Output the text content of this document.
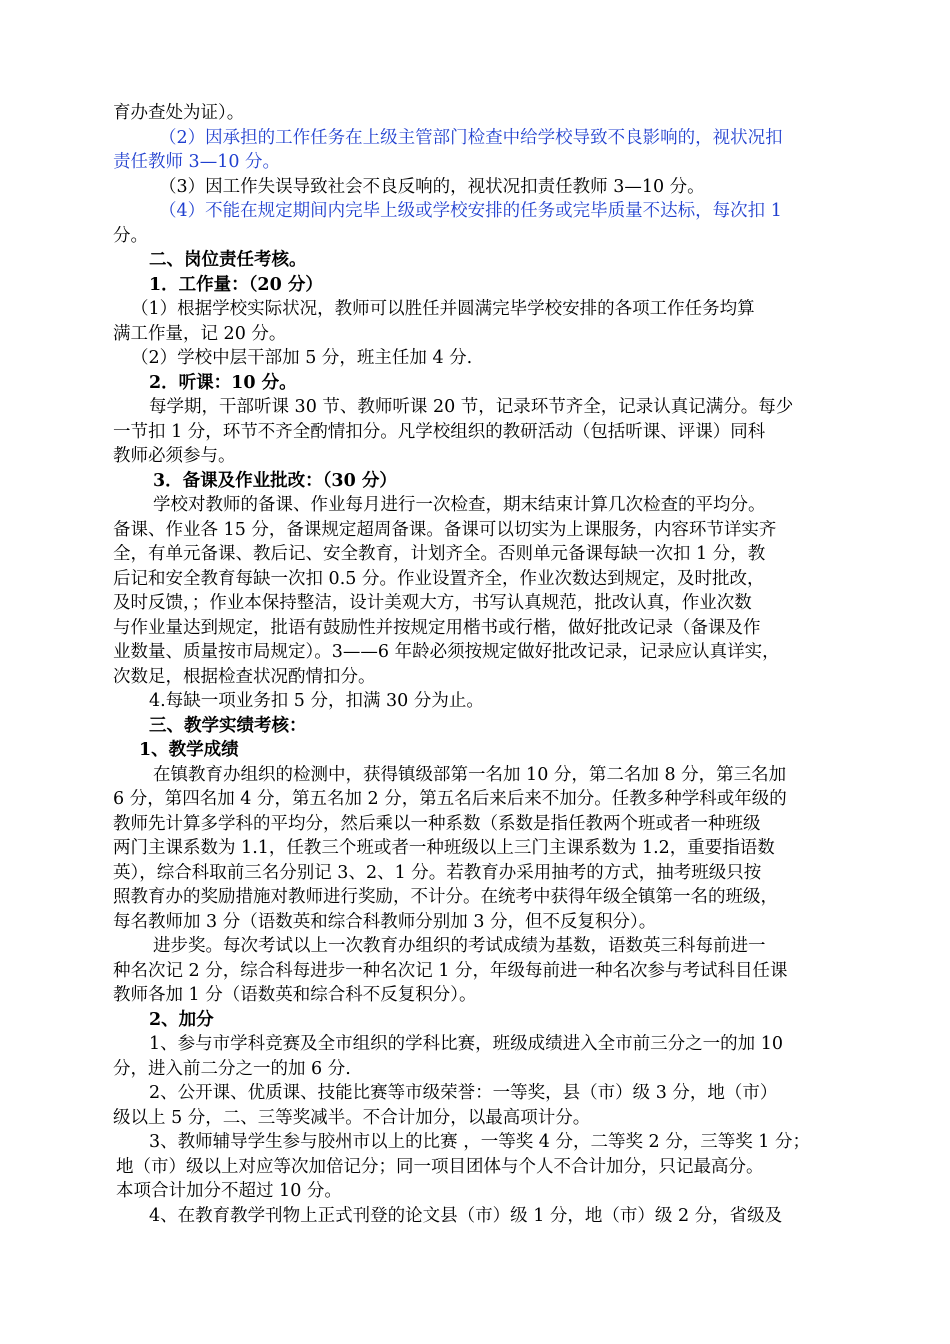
育办查处为证）。
（2）因承担的工作任务在上级主管部门检查中给学校导致不良影响的，视状况扣
责任教师 3—10 分。
（3）因工作失误导致社会不良反响的，视状况扣责任教师 3—10 分。
（4）不能在规定期间内完毕上级或学校安排的任务或完毕质量不达标，每次扣 1
分。
二、岗位责任考核。
1．工作量：（20 分）
（1）根据学校实际状况，教师可以胜任并圆满完毕学校安排的各项工作任务均算
满工作量，记 20 分。
（2）学校中层干部加 5 分，班主任加 4 分.
2．听课：10 分。
每学期，干部听课 30 节、教师听课 20 节，记录环节齐全，记录认真记满分。每少
一节扣 1 分，环节不齐全酌情扣分。凡学校组织的教研活动（包括听课、评课）同科
教师必须参与。
3．备课及作业批改：（30 分）
学校对教师的备课、作业每月进行一次检查，期末结束计算几次检查的平均分。
备课、作业各 15 分，备课规定超周备课。备课可以切实为上课服务，内容环节详实齐
全，有单元备课、教后记、安全教育，计划齐全。否则单元备课每缺一次扣 1 分，教
后记和安全教育每缺一次扣 0.5 分。作业设置齐全，作业次数达到规定，及时批改，
及时反馈，；作业本保持整洁，设计美观大方，书写认真规范，批改认真，作业次数
与作业量达到规定，批语有鼓励性并按规定用楷书或行楷，做好批改记录（备课及作
业数量、质量按市局规定）。3——6 年龄必须按规定做好批改记录，记录应认真详实，
次数足，根据检查状况酌情扣分。
4.每缺一项业务扣 5 分，扣满 30 分为止。
三、教学实绩考核：
1、教学成绩
在镇教育办组织的检测中，获得镇级部第一名加 10 分，第二名加 8 分，第三名加
6 分，第四名加 4 分，第五名加 2 分，第五名后来后来不加分。任教多种学科或年级的
教师先计算多学科的平均分，然后乘以一种系数（系数是指任教两个班或者一种班级
两门主课系数为 1.1，任教三个班或者一种班级以上三门主课系数为 1.2，重要指语数
英），综合科取前三名分别记 3、2、1 分。若教育办采用抽考的方式，抽考班级只按
照教育办的奖励措施对教师进行奖励，不计分。在统考中获得年级全镇第一名的班级，
每名教师加 3 分（语数英和综合科教师分别加 3 分，但不反复积分）。
进步奖。每次考试以上一次教育办组织的考试成绩为基数，语数英三科每前进一
种名次记 2 分，综合科每进步一种名次记 1 分，年级每前进一种名次参与考试科目任课
教师各加 1 分（语数英和综合科不反复积分）。
2、加分
1、参与市学科竞赛及全市组织的学科比赛，班级成绩进入全市前三分之一的加 10
分，进入前二分之一的加 6 分.
2、公开课、优质课、技能比赛等市级荣誉：一等奖，县（市）级 3 分，地（市）
级以上 5 分，二、三等奖减半。不合计加分，以最高项计分。
3、教师辅导学生参与胶州市以上的比赛 ，一等奖 4 分，二等奖 2 分，三等奖 1 分；
地（市）级以上对应等次加倍记分；同一项目团体与个人不合计加分，只记最高分。
本项合计加分不超过 10 分。
4、在教育教学刊物上正式刊登的论文县（市）级 1 分，地（市）级 2 分，省级及
